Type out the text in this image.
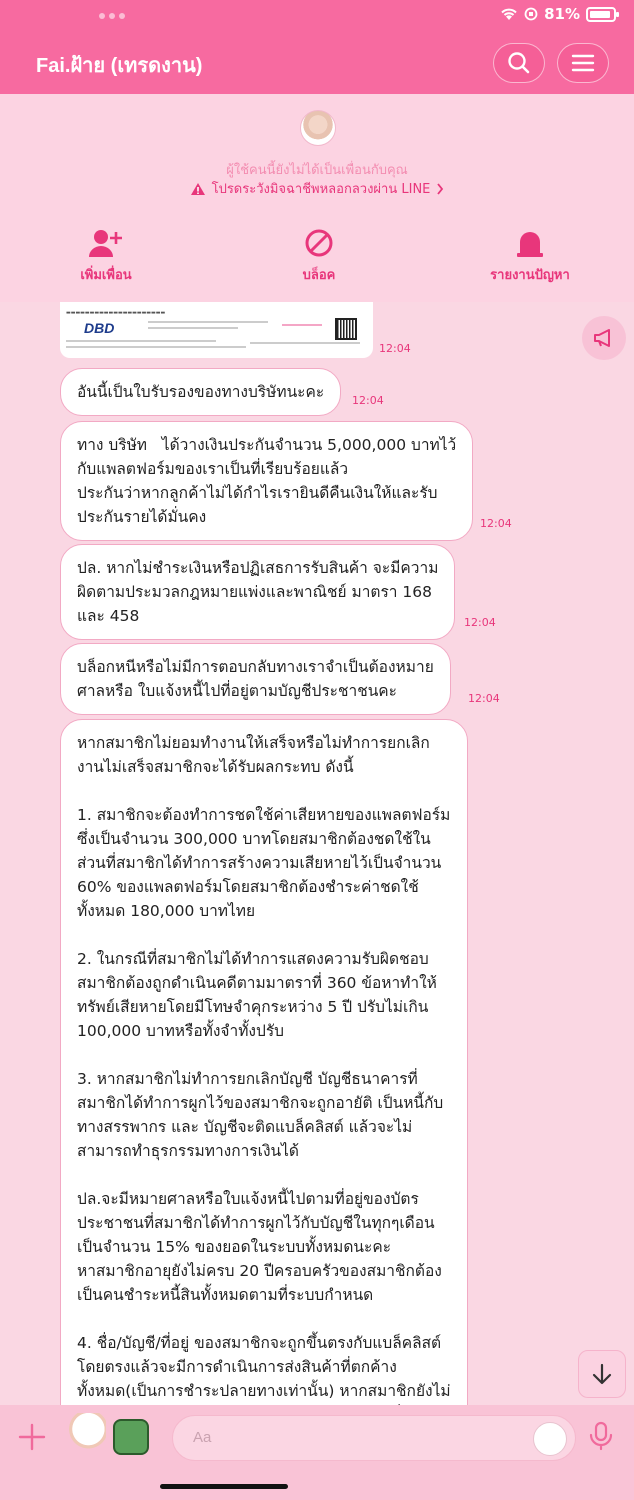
81%
Fai.ฝ้าย (เทรดงาน)
ผู้ใช้คนนี้ยังไม่ได้เป็นเพื่อนกับคุณ
โปรดระวังมิจฉาชีพหลอกลวงผ่าน LINE
เพิ่มเพื่อน	บล็อค	รายงานปัญหา
▬▬▬▬▬▬▬▬▬▬▬▬▬▬▬▬▬▬▬▬▬
DBD
12:04
อันนี้เป็นใบรับรองของทางบริษัทนะคะ	12:04
ทาง บริษัท   ได้วางเงินประกันจำนวน 5,000,000 บาทไว้
กับแพลตฟอร์มของเราเป็นที่เรียบร้อยแล้ว
ประกันว่าหากลูกค้าไม่ได้กำไรเรายินดีคืนเงินให้และรับ
ประกันรายได้มั่นคง	12:04
ปล. หากไม่ชำระเงินหรือปฏิเสธการรับสินค้า จะมีความ
ผิดตามประมวลกฎหมายแพ่งและพาณิชย์ มาตรา 168
และ 458	12:04
บล็อกหนีหรือไม่มีการตอบกลับทางเราจำเป็นต้องหมาย
ศาลหรือ ใบแจ้งหนี้ไปที่อยู่ตามบัญชีประชาชนคะ	12:04
หากสมาชิกไม่ยอมทำงานให้เสร็จหรือไม่ทำการยกเลิก
งานไม่เสร็จสมาชิกจะได้รับผลกระทบ ดังนี้

1. สมาชิกจะต้องทำการชดใช้ค่าเสียหายของแพลตฟอร์ม
ซึ่งเป็นจำนวน 300,000 บาทโดยสมาชิกต้องชดใช้ใน
ส่วนที่สมาชิกได้ทำการสร้างความเสียหายไว้เป็นจำนวน
60% ของแพลตฟอร์มโดยสมาชิกต้องชำระค่าชดใช้
ทั้งหมด 180,000 บาทไทย

2. ในกรณีที่สมาชิกไม่ได้ทำการแสดงความรับผิดชอบ
สมาชิกต้องถูกดำเนินคดีตามมาตราที่ 360 ข้อหาทำให้
ทรัพย์เสียหายโดยมีโทษจำคุกระหว่าง 5 ปี ปรับไม่เกิน
100,000 บาทหรือทั้งจำทั้งปรับ

3. หากสมาชิกไม่ทำการยกเลิกบัญชี บัญชีธนาคารที่
สมาชิกได้ทำการผูกไว้ของสมาชิกจะถูกอายัติ เป็นหนี้กับ
ทางสรรพากร และ บัญชีจะติดแบล็คลิสต์ แล้วจะไม่
สามารถทำธุรกรรมทางการเงินได้

ปล.จะมีหมายศาลหรือใบแจ้งหนี้ไปตามที่อยู่ของบัตร
ประชาชนที่สมาชิกได้ทำการผูกไว้กับบัญชีในทุกๆเดือน
เป็นจำนวน 15% ของยอดในระบบทั้งหมดนะคะ
หาสมาชิกอายุยังไม่ครบ 20 ปีครอบครัวของสมาชิกต้อง
เป็นคนชำระหนี้สินทั้งหมดตามที่ระบบกำหนด

4. ชื่อ/บัญชี/ที่อยู่ ของสมาชิกจะถูกขึ้นตรงกับแบล็คลิสต์
โดยตรงแล้วจะมีการดำเนินการส่งสินค้าที่ตกค้าง
ทั้งหมด(เป็นการชำระปลายทางเท่านั้น) หากสมาชิกยังไม่

Aa
